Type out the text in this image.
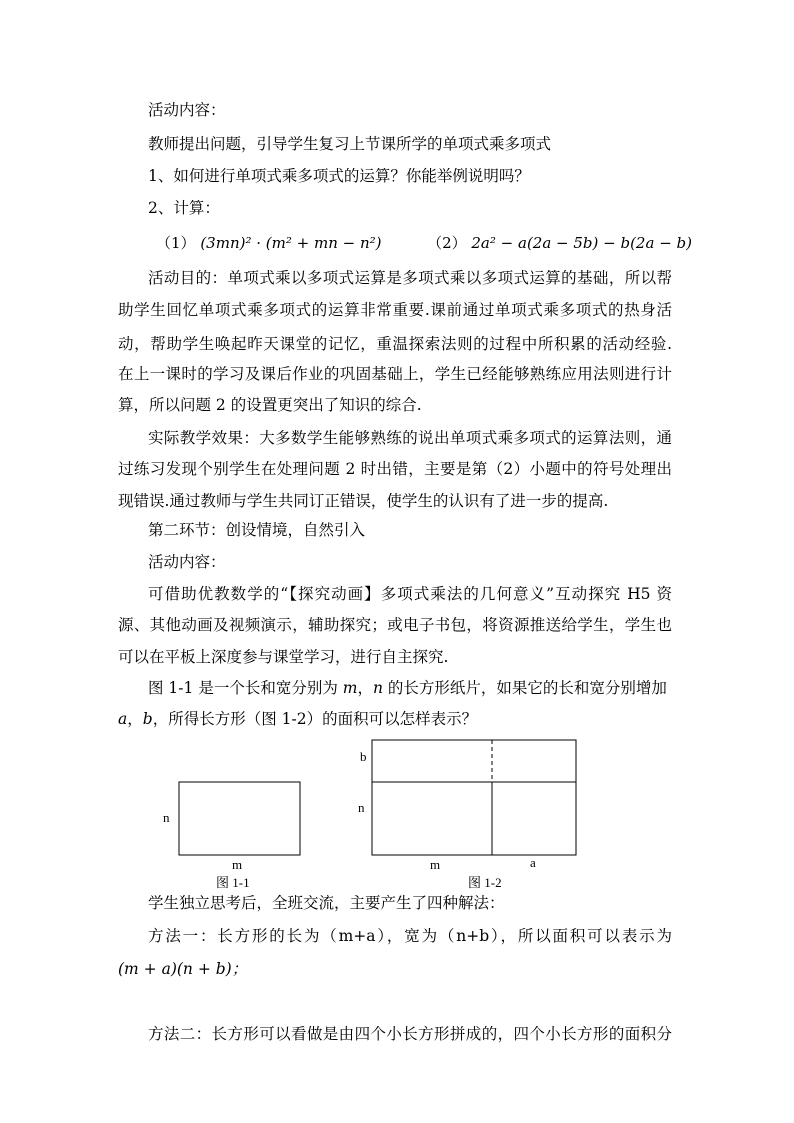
活动内容：
教师提出问题，引导学生复习上节课所学的单项式乘多项式
1、如何进行单项式乘多项式的运算？你能举例说明吗？
2、计算：
（1） (3mn)² · (m² + mn − n²)	（2） 2a² − a(2a − 5b) − b(2a − b)
活动目的：单项式乘以多项式运算是多项式乘以多项式运算的基础，所以帮
助学生回忆单项式乘多项式的运算非常重要.课前通过单项式乘多项式的热身活
动，帮助学生唤起昨天课堂的记忆，重温探索法则的过程中所积累的活动经验.
在上一课时的学习及课后作业的巩固基础上，学生已经能够熟练应用法则进行计
算，所以问题 2 的设置更突出了知识的综合.
实际教学效果：大多数学生能够熟练的说出单项式乘多项式的运算法则，通
过练习发现个别学生在处理问题 2 时出错，主要是第（2）小题中的符号处理出
现错误.通过教师与学生共同订正错误，使学生的认识有了进一步的提高.
第二环节：创设情境，自然引入
活动内容：
可借助优教数学的“【探究动画】多项式乘法的几何意义”互动探究 H5 资
源、其他动画及视频演示，辅助探究；或电子书包，将资源推送给学生，学生也
可以在平板上深度参与课堂学习，进行自主探究.
图 1-1 是一个长和宽分别为 m，n 的长方形纸片，如果它的长和宽分别增加
a，b，所得长方形（图 1-2）的面积可以怎样表示？
n
m
图 1-1
b
n
m	a
图 1-2
学生独立思考后，全班交流，主要产生了四种解法：
方法一：长方形的长为（m+a），宽为（n+b），所以面积可以表示为
(m + a)(n + b)；
方法二：长方形可以看做是由四个小长方形拼成的，四个小长方形的面积分
